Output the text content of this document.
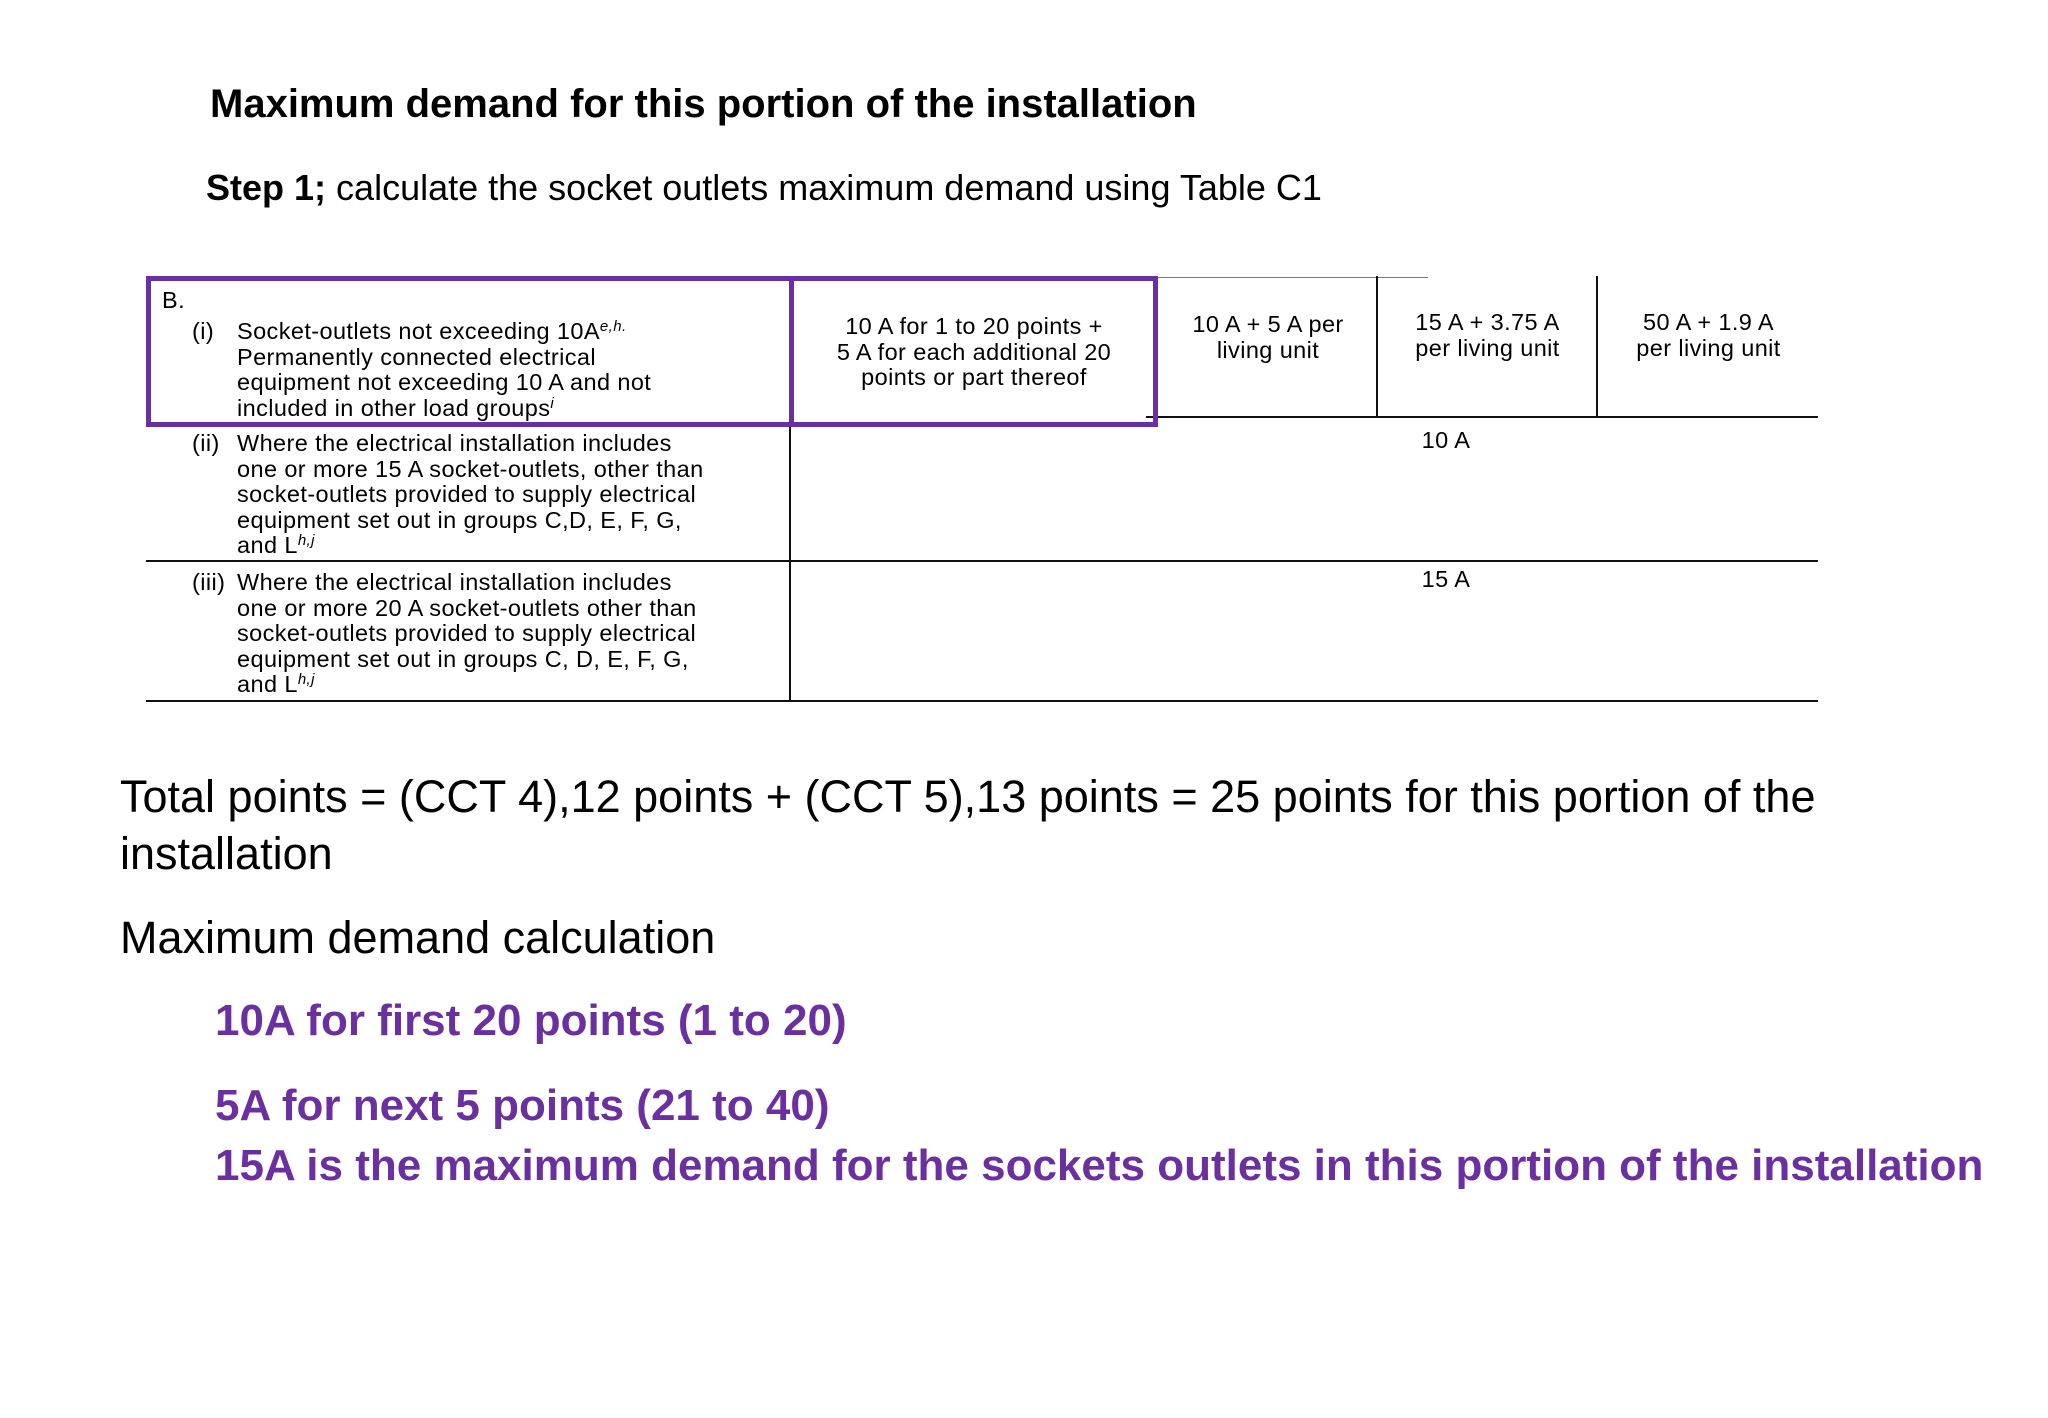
Maximum demand for this portion of the installation
Step 1; calculate the socket outlets maximum demand using Table C1
B.
(i) Socket-outlets not exceeding $10A^{e,h.}$
Permanently connected electrical
equipment not exceeding 10 A and not
included in other load groups$^i$
(ii) Where the electrical installation includes
one or more 15 A socket-outlets, other than
socket-outlets provided to supply electrical
equipment set out in groups C,D, E, F, G,
and L$^{h,j}$
(iii) Where the electrical installation includes
one or more 20 A socket-outlets other than
socket-outlets provided to supply electrical
equipment set out in groups C, D, E, F, G,
and L$^{h,j}$
10 A for 1 to 20 points +
5 A for each additional 20
points or part thereof
10 A + 5 A per
living unit
15 A + 3.75 A
per living unit
50 A + 1.9 A
per living unit
10 A
15 A
Total points = (CCT 4),12 points + (CCT 5),13 points = 25 points for this portion of the installation
Maximum demand calculation
10A for first 20 points (1 to 20)
5A for next 5 points (21 to 40)
15A is the maximum demand for the sockets outlets in this portion of the installation
